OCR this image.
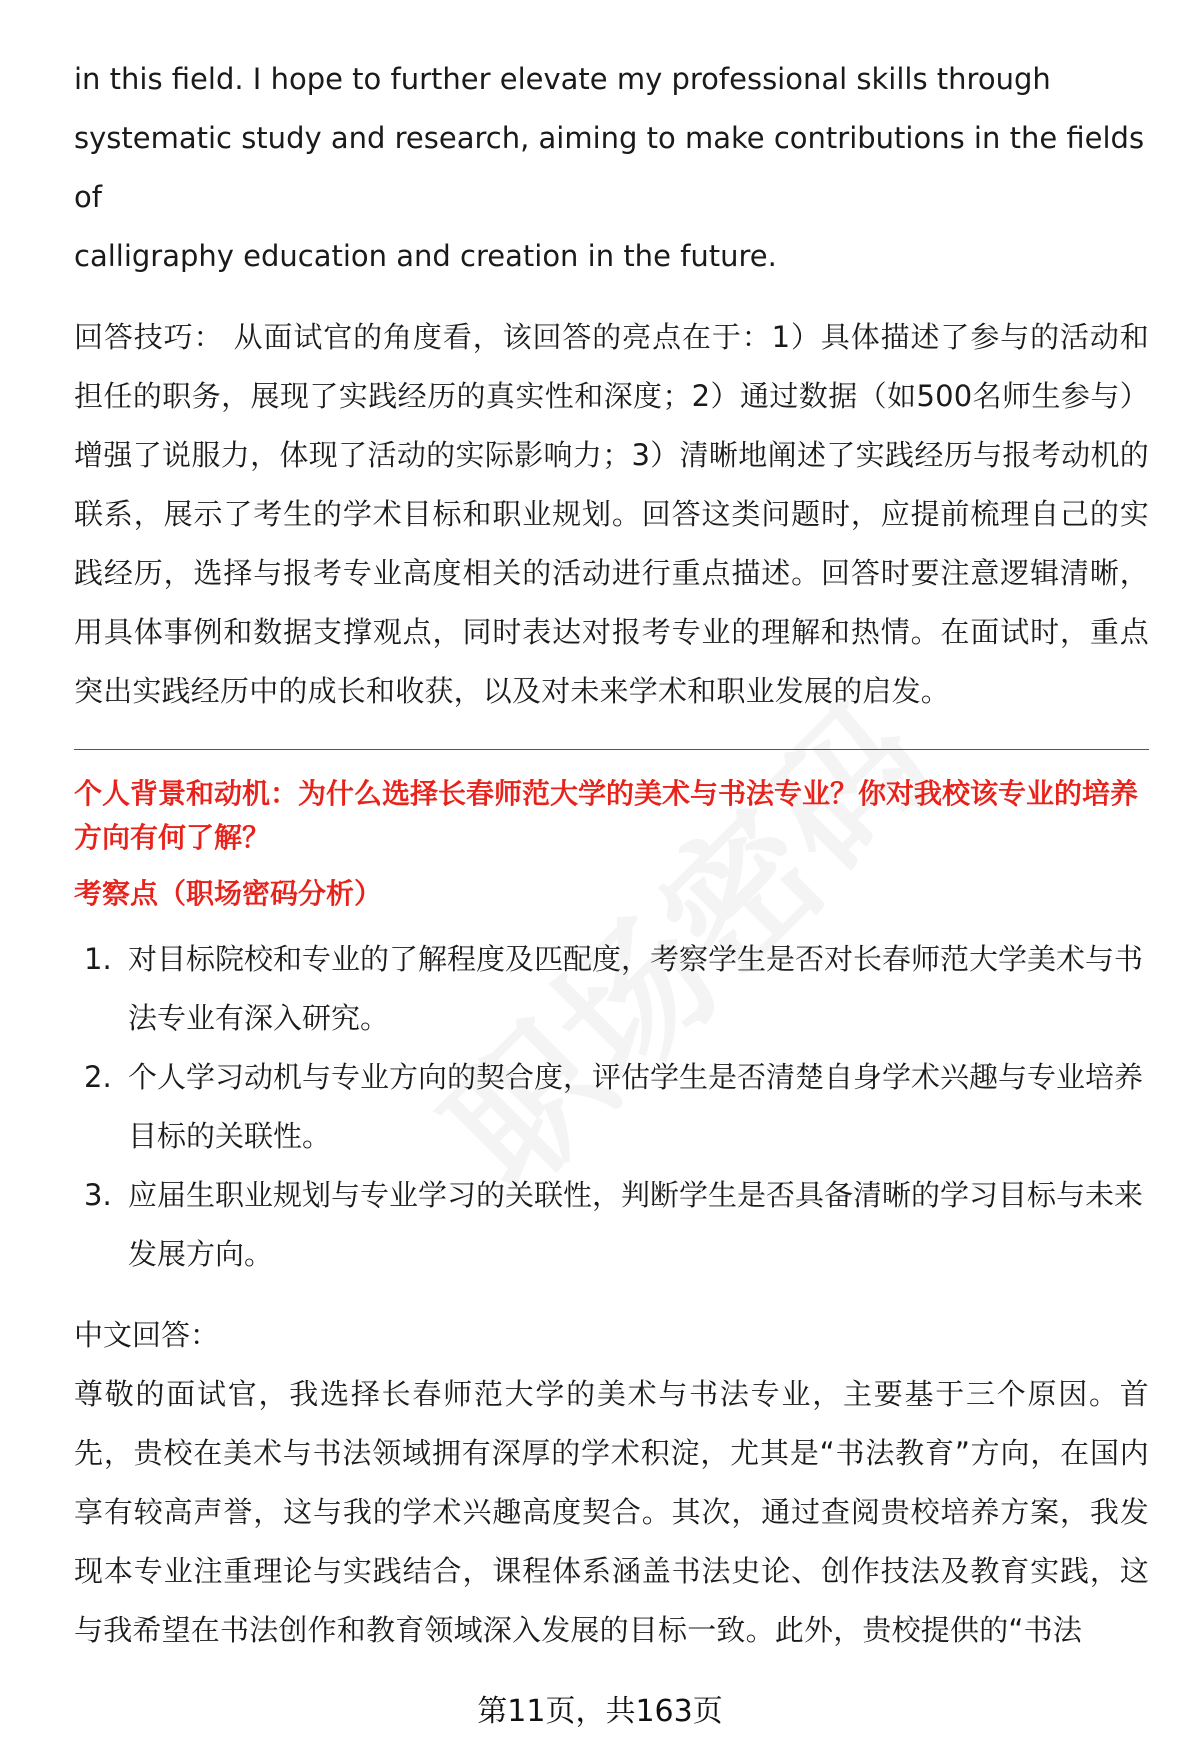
in this field. I hope to further elevate my professional skills through
systematic study and research, aiming to make contributions in the fields of
calligraphy education and creation in the future.

回答技巧： 从面试官的角度看，该回答的亮点在于：1）具体描述了参与的活动和担任的职务，展现了实践经历的真实性和深度；2）通过数据（如500名师生参与）增强了说服力，体现了活动的实际影响力；3）清晰地阐述了实践经历与报考动机的联系，展示了考生的学术目标和职业规划。回答这类问题时，应提前梳理自己的实践经历，选择与报考专业高度相关的活动进行重点描述。回答时要注意逻辑清晰，用具体事例和数据支撑观点，同时表达对报考专业的理解和热情。在面试时，重点突出实践经历中的成长和收获，以及对未来学术和职业发展的启发。

个人背景和动机：为什么选择长春师范大学的美术与书法专业？你对我校该专业的培养方向有何了解？

考察点（职场密码分析）

1. 对目标院校和专业的了解程度及匹配度，考察学生是否对长春师范大学美术与书法专业有深入研究。
2. 个人学习动机与专业方向的契合度，评估学生是否清楚自身学术兴趣与专业培养目标的关联性。
3. 应届生职业规划与专业学习的关联性，判断学生是否具备清晰的学习目标与未来发展方向。

中文回答：

尊敬的面试官，我选择长春师范大学的美术与书法专业，主要基于三个原因。首先，贵校在美术与书法领域拥有深厚的学术积淀，尤其是“书法教育”方向，在国内享有较高声誉，这与我的学术兴趣高度契合。其次，通过查阅贵校培养方案，我发现本专业注重理论与实践结合，课程体系涵盖书法史论、创作技法及教育实践，这与我希望在书法创作和教育领域深入发展的目标一致。此外，贵校提供的“书法

第11页，共163页
